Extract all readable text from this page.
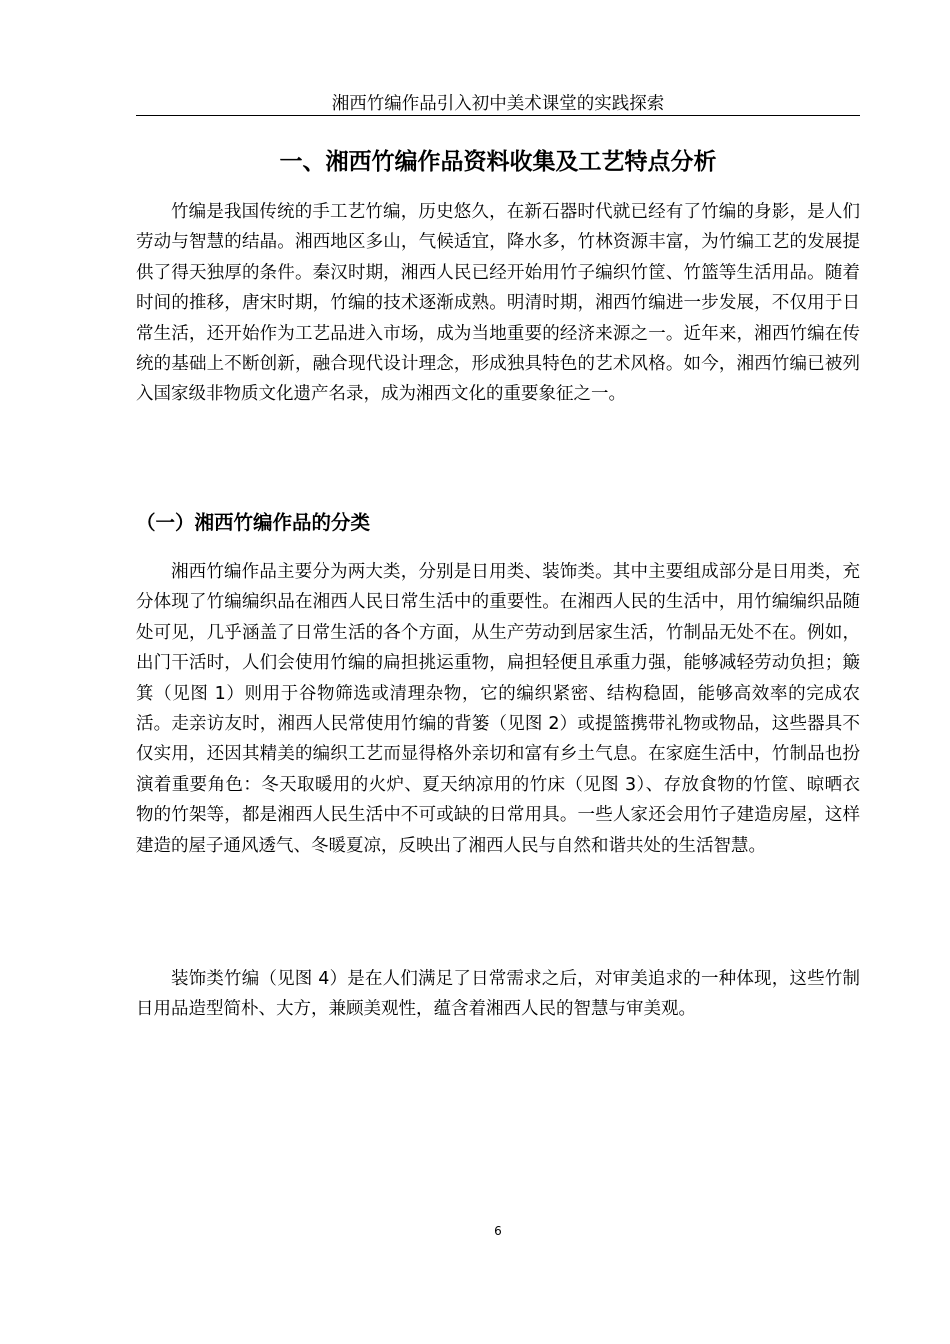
湘西竹编作品引入初中美术课堂的实践探索
一、湘西竹编作品资料收集及工艺特点分析

竹编是我国传统的手工艺竹编，历史悠久，在新石器时代就已经有了竹编的身影，是人们劳动与智慧的结晶。湘西地区多山，气候适宜，降水多，竹林资源丰富，为竹编工艺的发展提供了得天独厚的条件。秦汉时期，湘西人民已经开始用竹子编织竹筐、竹篮等生活用品。随着时间的推移，唐宋时期，竹编的技术逐渐成熟。明清时期，湘西竹编进一步发展，不仅用于日常生活，还开始作为工艺品进入市场，成为当地重要的经济来源之一。近年来，湘西竹编在传统的基础上不断创新，融合现代设计理念，形成独具特色的艺术风格。如今，湘西竹编已被列入国家级非物质文化遗产名录，成为湘西文化的重要象征之一。

（一）湘西竹编作品的分类

湘西竹编作品主要分为两大类，分别是日用类、装饰类。其中主要组成部分是日用类，充分体现了竹编编织品在湘西人民日常生活中的重要性。在湘西人民的生活中，用竹编编织品随处可见，几乎涵盖了日常生活的各个方面，从生产劳动到居家生活，竹制品无处不在。例如，出门干活时，人们会使用竹编的扁担挑运重物，扁担轻便且承重力强，能够减轻劳动负担；簸箕（见图 1）则用于谷物筛选或清理杂物，它的编织紧密、结构稳固，能够高效率的完成农活。走亲访友时，湘西人民常使用竹编的背篓（见图 2）或提篮携带礼物或物品，这些器具不仅实用，还因其精美的编织工艺而显得格外亲切和富有乡土气息。在家庭生活中，竹制品也扮演着重要角色：冬天取暖用的火炉、夏天纳凉用的竹床（见图 3）、存放食物的竹筐、晾晒衣物的竹架等，都是湘西人民生活中不可或缺的日常用具。一些人家还会用竹子建造房屋，这样建造的屋子通风透气、冬暖夏凉，反映出了湘西人民与自然和谐共处的生活智慧。

装饰类竹编（见图 4）是在人们满足了日常需求之后，对审美追求的一种体现，这些竹制日用品造型简朴、大方，兼顾美观性，蕴含着湘西人民的智慧与审美观。

6
